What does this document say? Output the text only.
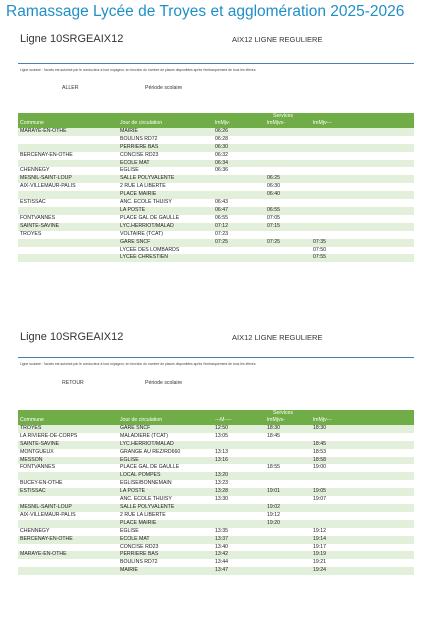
Ramassage Lycée de Troyes et agglomération 2025-2026
Ligne 10SRGEAIX12	AIX12 LIGNE REGULIERE
Ligne scolaire : l'accès est autorisé par le conducteur à tout voyageur, en fonction du nombre de places disponibles après l'embarquement de tous les élèves.
ALLER	Période scolaire
		Services			
Commune	Jour de circulation	lmMjv-	lmMjvs-	lmMjv---	
MARAYE-EN-OTHE	MAIRIE	06:26			
	BOULINS RD72	06:28			
	PERRIERE BAS	06:30			
BERCENAY-EN-OTHE	CONCISE RD23	06:32			
	ECOLE MAT	06:34			
CHENNEGY	EGLISE	06:36			
MESNIL-SAINT-LOUP	SALLE POLYVALENTE		06:25		
AIX-VILLEMAUR-PALIS	2 RUE LA LIBERTE		06:30		
	PLACE MAIRIE		06:40		
ESTISSAC	ANC. ECOLE THUISY	06:43			
	LA POSTE	06:47	06:55		
FONTVANNES	PLACE GAL DE GAULLE	06:55	07:05		
SAINTE-SAVINE	LYC.HERRIOT/MALAD	07:12	07:15		
TROYES	VOLTAIRE (TCAT)	07:23			
	GARE SNCF	07:25	07:25	07:35	
	LYCEE DES LOMBARDS			07:50	
	LYCEE CHRESTIEN			07:55	
Ligne 10SRGEAIX12	AIX12 LIGNE REGULIERE
Ligne scolaire : l'accès est autorisé par le conducteur à tout voyageur, en fonction du nombre de places disponibles après l'embarquement de tous les élèves.
RETOUR	Période scolaire
		Services			
Commune	Jour de circulation	---M----	lmMjvs-	lmMjv---	
TROYES	GARE SNCF	12:50	18:30	18:30	
LA RIVIERE-DE-CORPS	MALADIERE (TCAT)	13:05	18:45		
SAINTE-SAVINE	LYC.HERRIOT/MALAD			18:45	
MONTGUEUX	GRANGE AU REZ/RD660	13:13		18:53	
MESSON	EGLISE	13:16		18:58	
FONTVANNES	PLACE GAL DE GAULLE		18:55	19:00	
	LOCAL POMPES	13:20			
BUCEY-EN-OTHE	EGLISE/BONNEMAIN	13:23			
ESTISSAC	LA POSTE	13:28	19:01	19:05	
	ANC. ECOLE THUISY	13:30		19:07	
MESNIL-SAINT-LOUP	SALLE POLYVALENTE		19:02		
AIX-VILLEMAUR-PALIS	2 RUE LA LIBERTE		19:12		
	PLACE MAIRIE		19:20		
CHENNEGY	EGLISE	13:35		19:12	
BERCENAY-EN-OTHE	ECOLE MAT	13:37		19:14	
	CONCISE RD23	13:40		19:17	
MARAYE-EN-OTHE	PERRIERE BAS	13:42		19:19	
	BOULINS RD72	13:44		19:21	
	MAIRIE	13:47		19:24	
